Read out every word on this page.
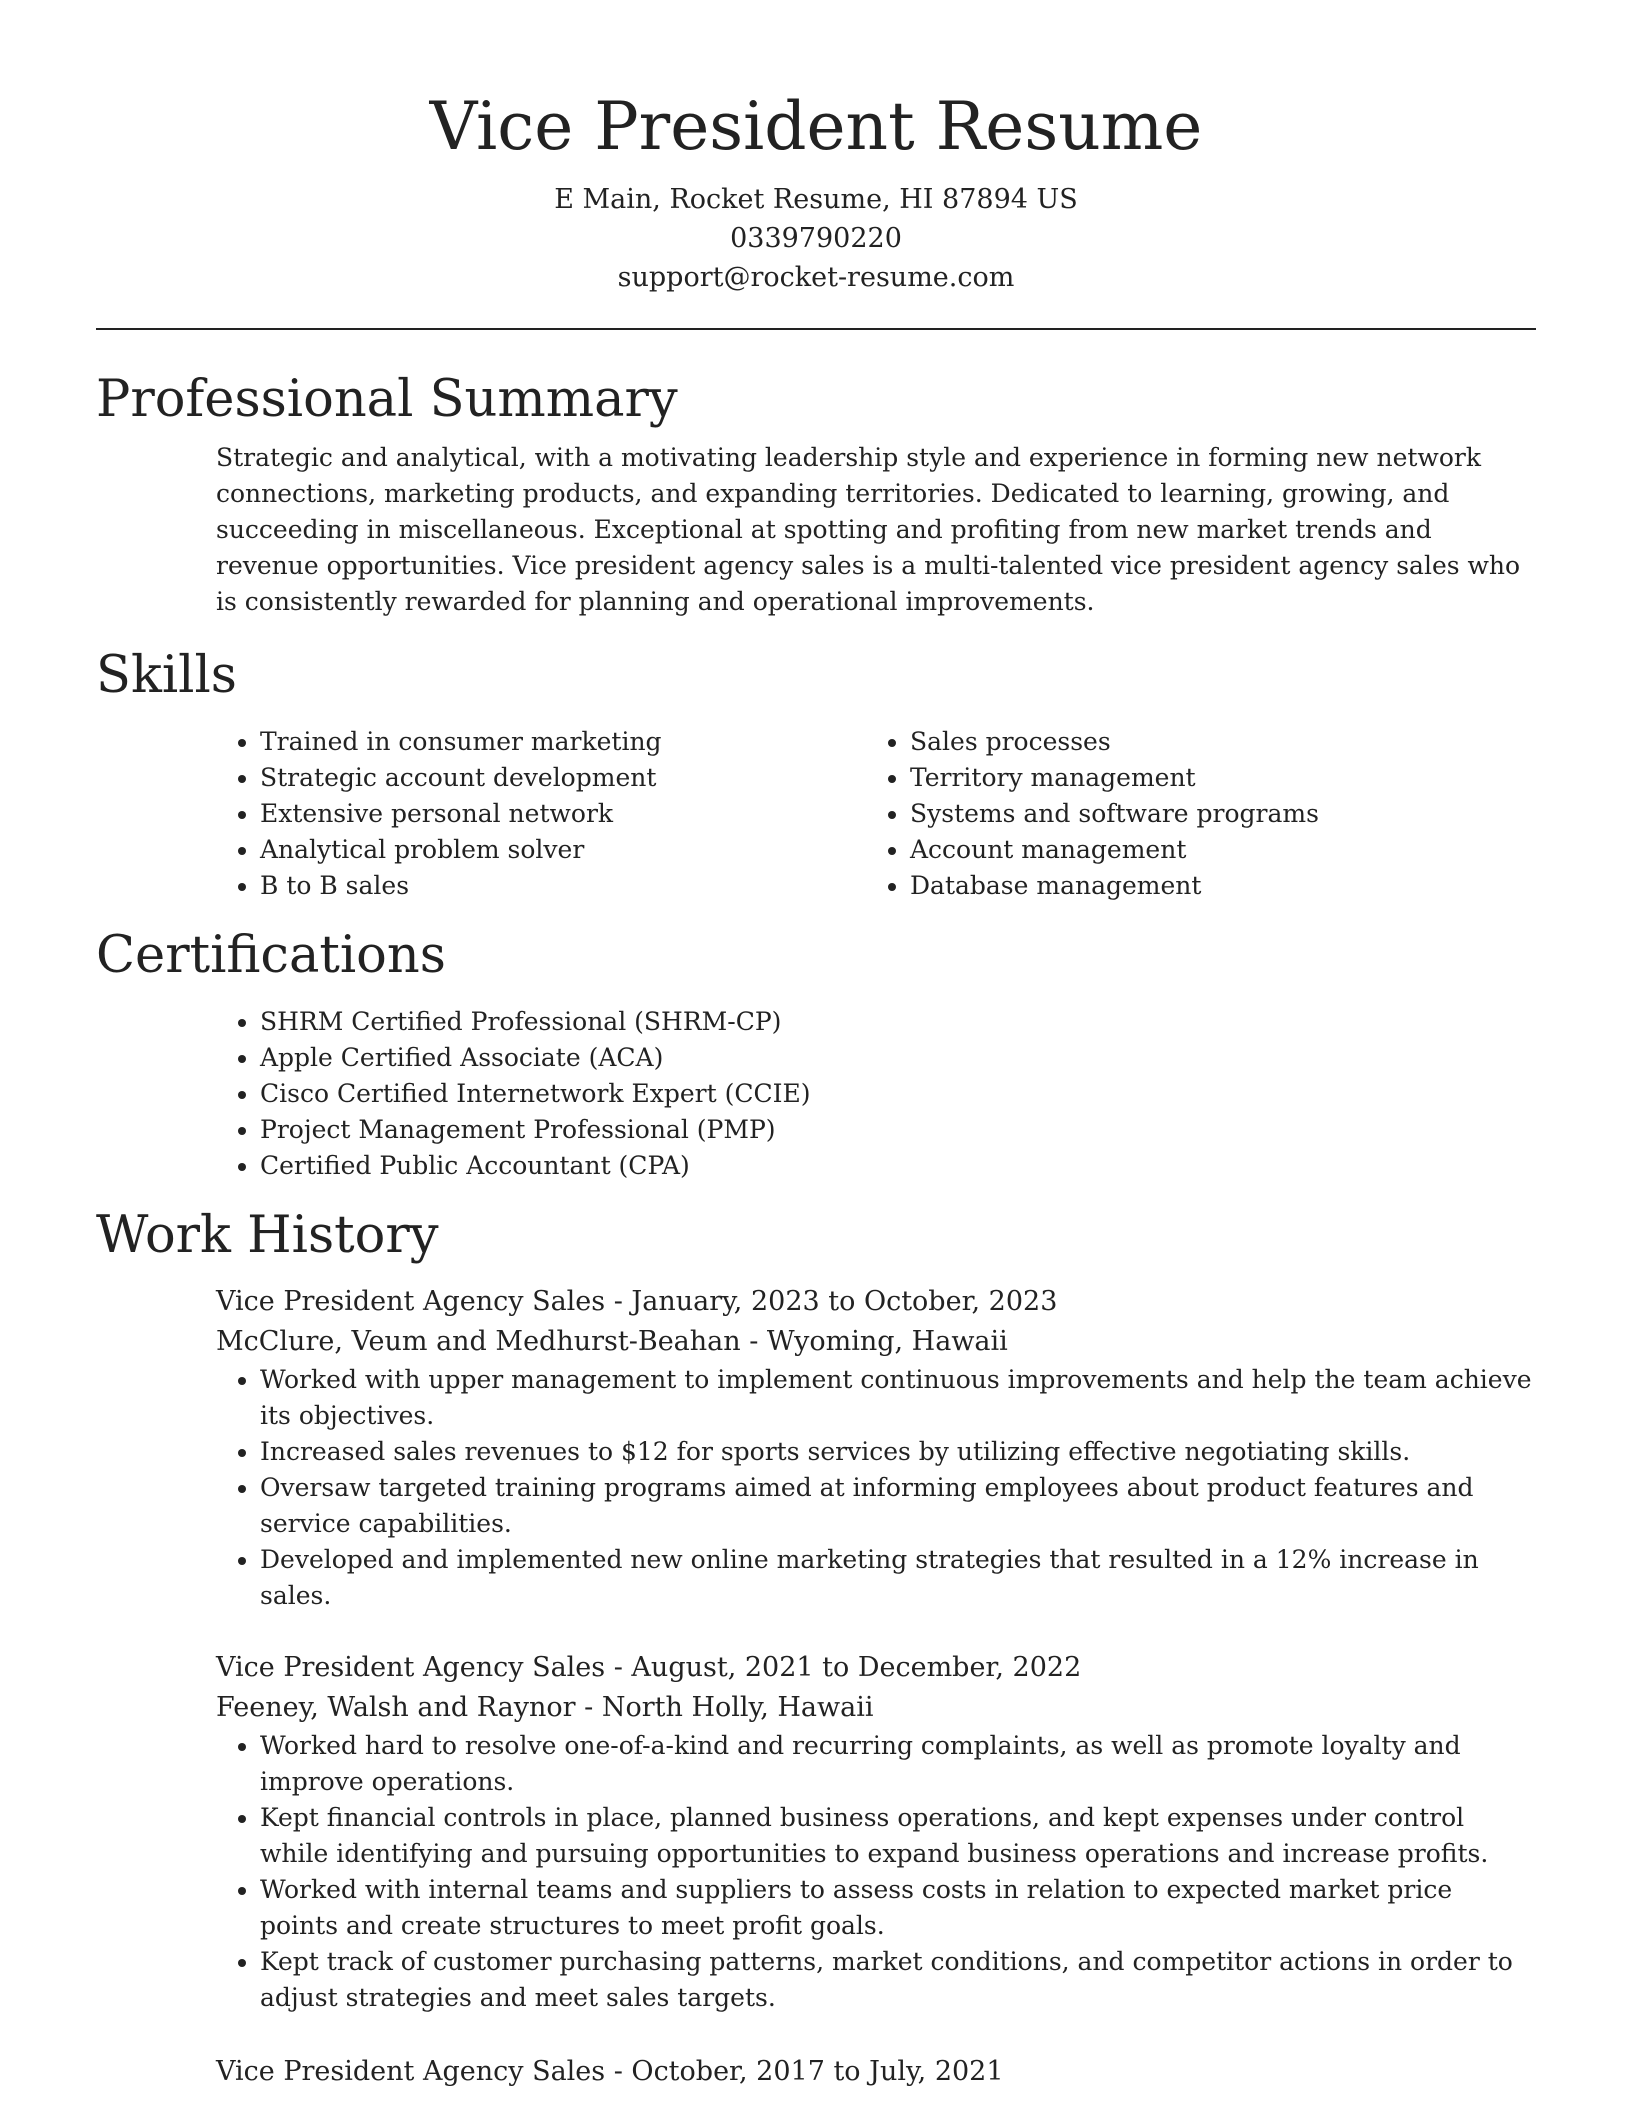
Vice President Resume
E Main, Rocket Resume, HI 87894 US
0339790220
support@rocket-resume.com
Professional Summary

Strategic and analytical, with a motivating leadership style and experience in forming new network connections, marketing products, and expanding territories. Dedicated to learning, growing, and succeeding in miscellaneous. Exceptional at spotting and profiting from new market trends and revenue opportunities. Vice president agency sales is a multi-talented vice president agency sales who is consistently rewarded for planning and operational improvements.

Skills
• Trained in consumer marketing
• Strategic account development
• Extensive personal network
• Analytical problem solver
• B to B sales
• Sales processes
• Territory management
• Systems and software programs
• Account management
• Database management
Certifications
• SHRM Certified Professional (SHRM-CP)
• Apple Certified Associate (ACA)
• Cisco Certified Internetwork Expert (CCIE)
• Project Management Professional (PMP)
• Certified Public Accountant (CPA)
Work History
Vice President Agency Sales - January, 2023 to October, 2023
McClure, Veum and Medhurst-Beahan - Wyoming, Hawaii
• Worked with upper management to implement continuous improvements and help the team achieve its objectives.
• Increased sales revenues to $12 for sports services by utilizing effective negotiating skills.
• Oversaw targeted training programs aimed at informing employees about product features and service capabilities.
• Developed and implemented new online marketing strategies that resulted in a 12% increase in sales.
Vice President Agency Sales - August, 2021 to December, 2022
Feeney, Walsh and Raynor - North Holly, Hawaii
• Worked hard to resolve one-of-a-kind and recurring complaints, as well as promote loyalty and improve operations.
• Kept financial controls in place, planned business operations, and kept expenses under control while identifying and pursuing opportunities to expand business operations and increase profits.
• Worked with internal teams and suppliers to assess costs in relation to expected market price points and create structures to meet profit goals.
• Kept track of customer purchasing patterns, market conditions, and competitor actions in order to adjust strategies and meet sales targets.
Vice President Agency Sales - October, 2017 to July, 2021
